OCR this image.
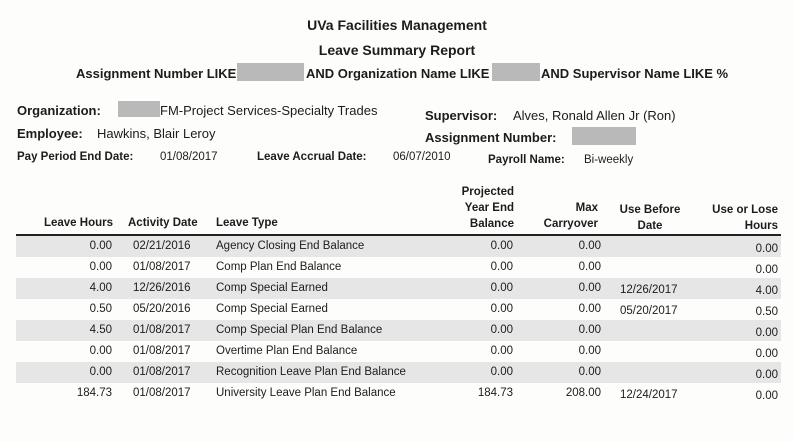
UVa Facilities Management
Leave Summary Report
Assignment Number LIKE	AND Organization Name LIKE	AND Supervisor Name LIKE %
Organization:	FM-Project Services-Specialty Trades	Supervisor: Alves, Ronald Allen Jr (Ron)
Employee: Hawkins, Blair Leroy	Assignment Number:
Pay Period End Date: 01/08/2017	Leave Accrual Date: 06/07/2010	Payroll Name: Bi-weekly
Leave Hours Activity Date Leave Type
Projected
Year End
Balance
Max
Carryover
Use Before
Date
Use or Lose
Hours
0.00 02/21/2016 Agency Closing End Balance	0.00	0.00	0.00
0.00 01/08/2017 Comp Plan End Balance	0.00	0.00	0.00
4.00 12/26/2016 Comp Special Earned	0.00	0.00 12/26/2017	4.00
0.50 05/20/2016 Comp Special Earned	0.00	0.00 05/20/2017	0.50
4.50 01/08/2017 Comp Special Plan End Balance	0.00	0.00	0.00
0.00 01/08/2017 Overtime Plan End Balance	0.00	0.00	0.00
0.00 01/08/2017 Recognition Leave Plan End Balance	0.00	0.00	0.00
184.73 01/08/2017 University Leave Plan End Balance	184.73	208.00 12/24/2017	0.00
